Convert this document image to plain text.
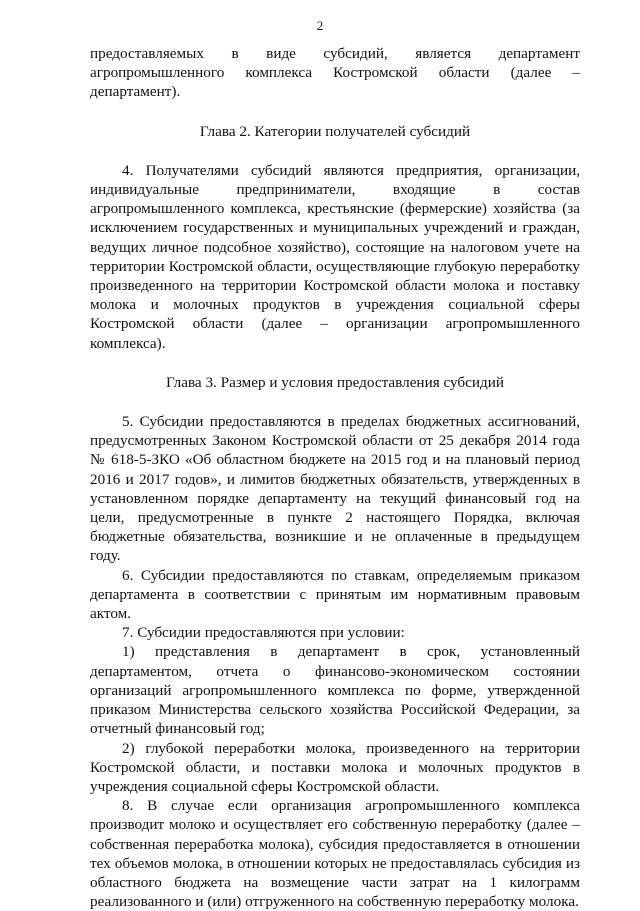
2

предоставляемых в виде субсидий, является департамент агропромышленного комплекса Костромской области (далее – департамент).

Глава 2. Категории получателей субсидий

4. Получателями субсидий являются предприятия, организации, индивидуальные предприниматели, входящие в состав агропромышленного комплекса, крестьянские (фермерские) хозяйства (за исключением государственных и муниципальных учреждений и граждан, ведущих личное подсобное хозяйство), состоящие на налоговом учете на территории Костромской области, осуществляющие глубокую переработку произведенного на территории Костромской области молока и поставку молока и молочных продуктов в учреждения социальной сферы Костромской области (далее – организации агропромышленного комплекса).

Глава 3. Размер и условия предоставления субсидий

5. Субсидии предоставляются в пределах бюджетных ассигнований, предусмотренных Законом Костромской области от 25 декабря 2014 года № 618-5-ЗКО «Об областном бюджете на 2015 год и на плановый период 2016 и 2017 годов», и лимитов бюджетных обязательств, утвержденных в установленном порядке департаменту на текущий финансовый год на цели, предусмотренные в пункте 2 настоящего Порядка, включая бюджетные обязательства, возникшие и не оплаченные в предыдущем году.

6. Субсидии предоставляются по ставкам, определяемым приказом департамента в соответствии с принятым им нормативным правовым актом.

7. Субсидии предоставляются при условии:

1) представления в департамент в срок, установленный департаментом, отчета о финансово-экономическом состоянии организаций агропромышленного комплекса по форме, утвержденной приказом Министерства сельского хозяйства Российской Федерации, за отчетный финансовый год;

2) глубокой переработки молока, произведенного на территории Костромской области, и поставки молока и молочных продуктов в учреждения социальной сферы Костромской области.

8. В случае если организация агропромышленного комплекса производит молоко и осуществляет его собственную переработку (далее – собственная переработка молока), субсидия предоставляется в отношении тех объемов молока, в отношении которых не предоставлялась субсидия из областного бюджета на возмещение части затрат на 1 килограмм реализованного и (или) отгруженного на собственную переработку молока.
